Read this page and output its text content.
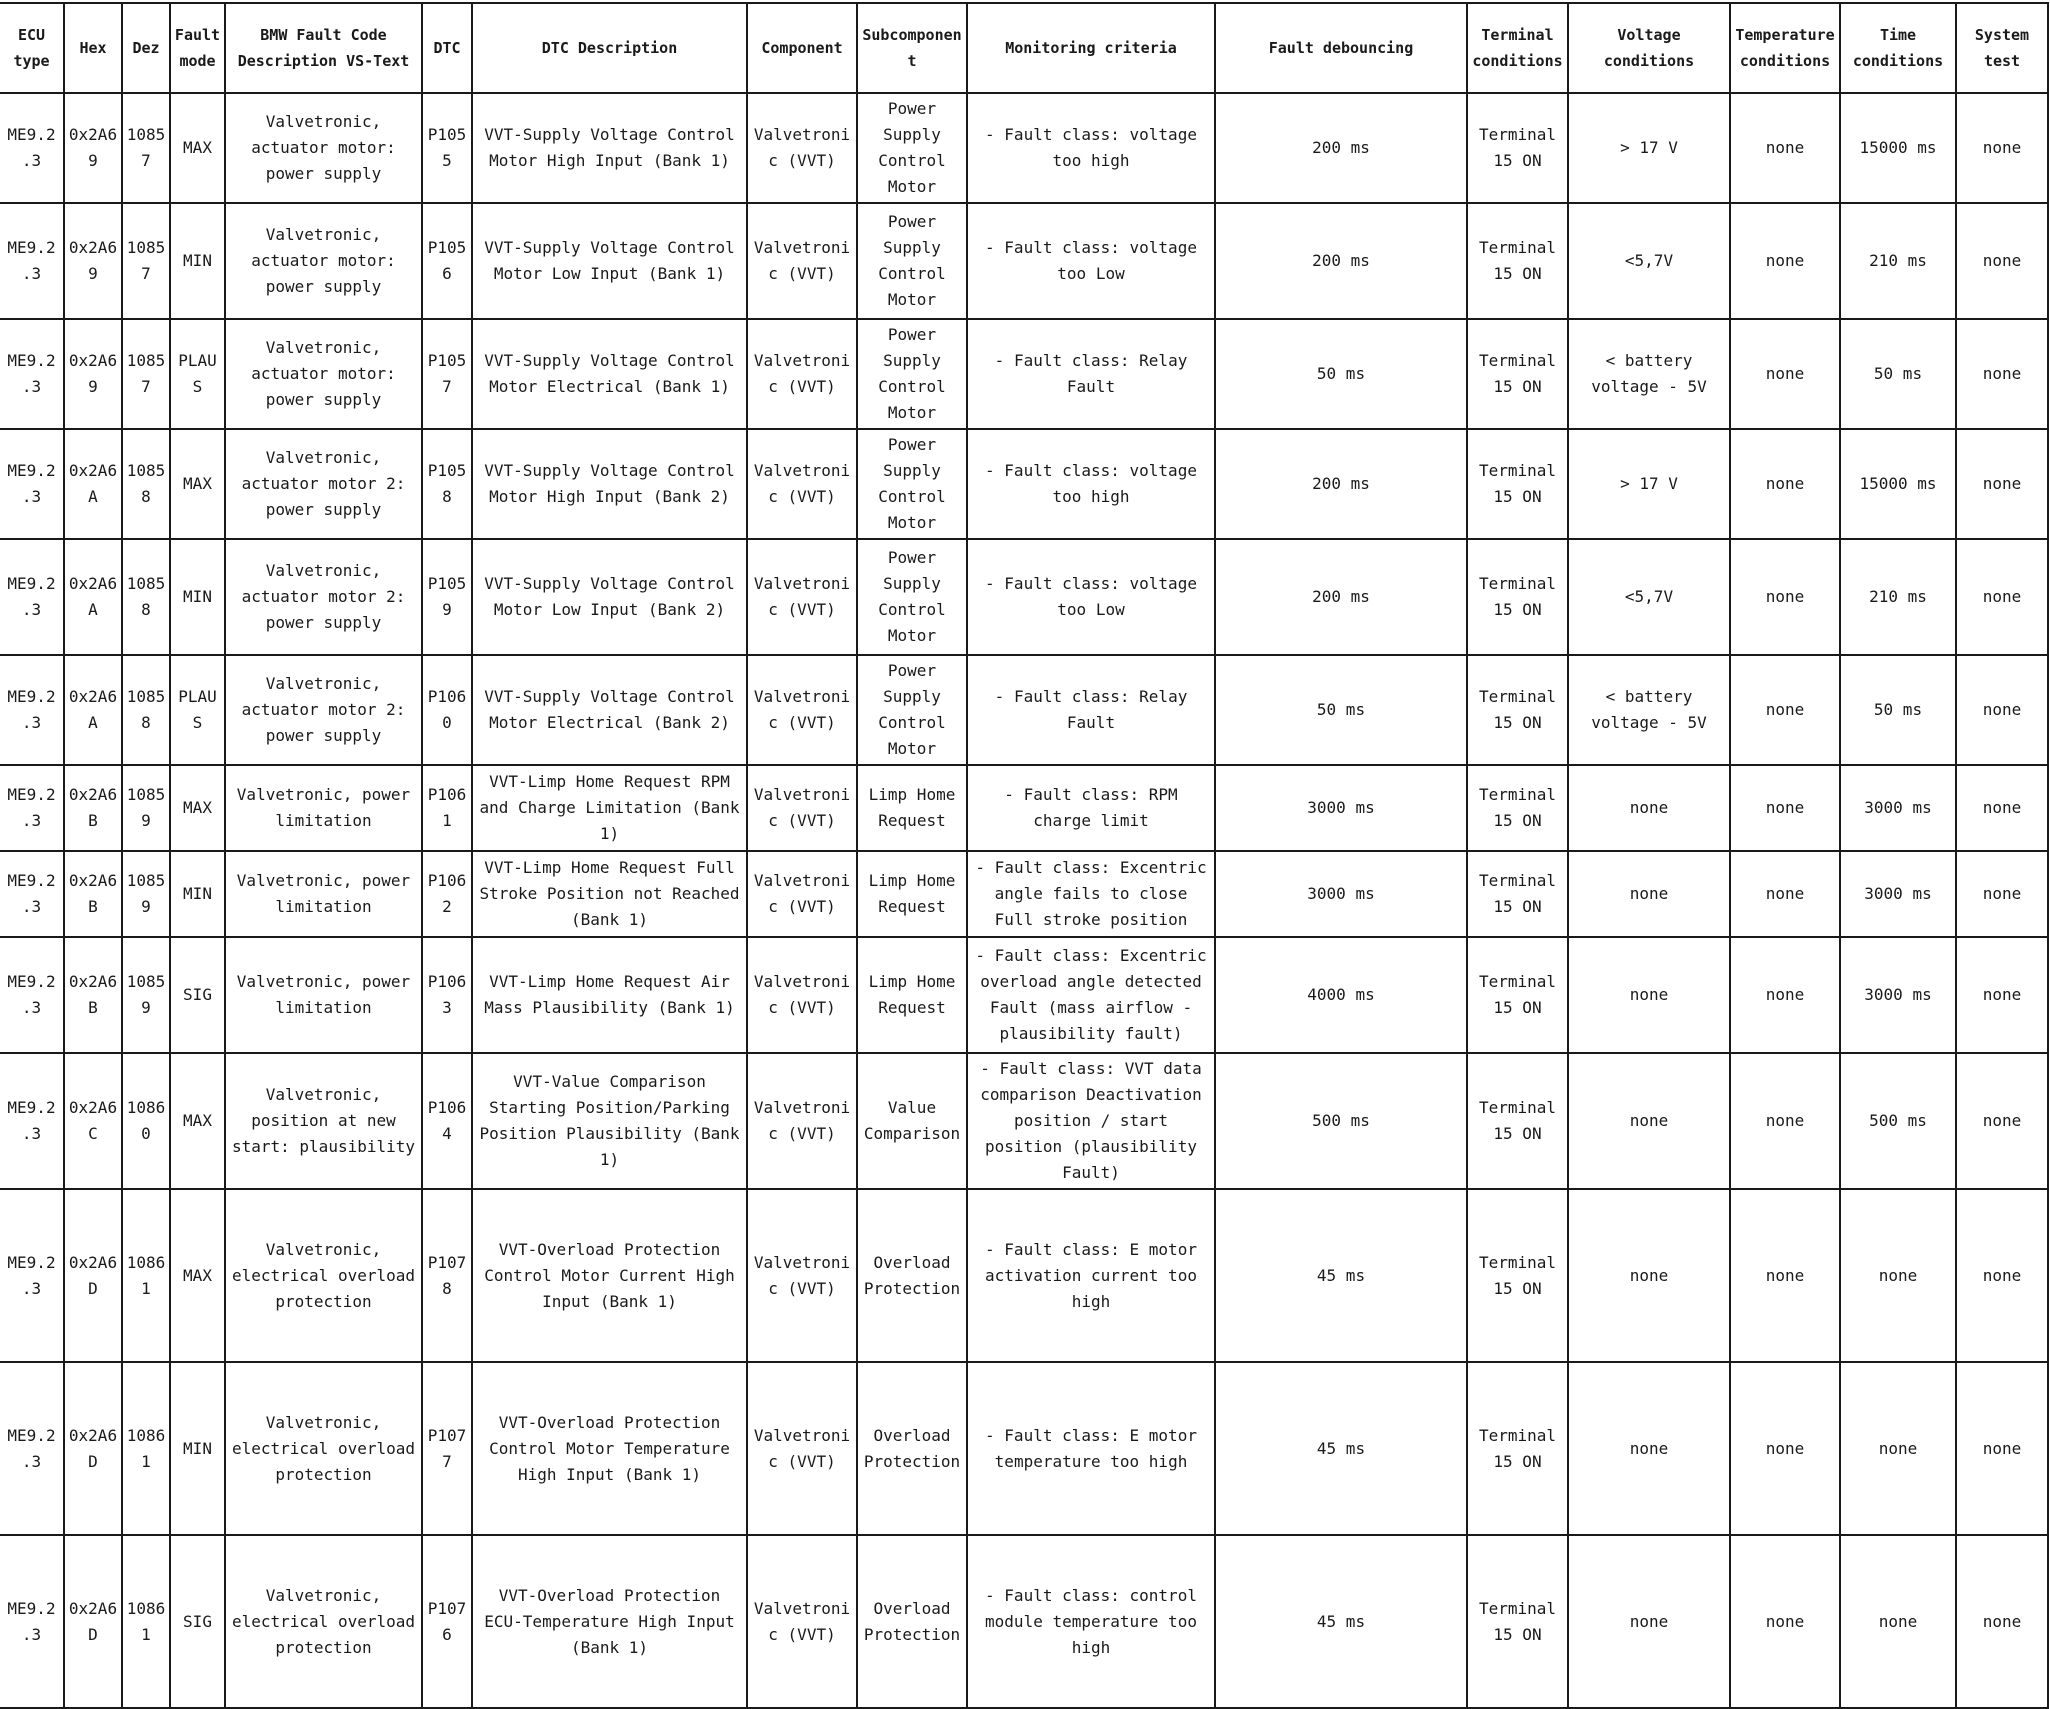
ECU type	Hex	Dez	Fault mode	BMW Fault Code Description VS-Text	DTC	DTC Description	Component	Subcomponent	Monitoring criteria	Fault debouncing	Terminal conditions	Voltage conditions	Temperature conditions	Time conditions	System test
ME9.2.3	0x2A69	10857	MAX	Valvetronic, actuator motor: power supply	P1055	VVT-Supply Voltage Control Motor High Input (Bank 1)	Valvetronic (VVT)	Power Supply Control Motor	- Fault class: voltage too high	200 ms	Terminal 15 ON	> 17 V	none	15000 ms	none
ME9.2.3	0x2A69	10857	MIN	Valvetronic, actuator motor: power supply	P1056	VVT-Supply Voltage Control Motor Low Input (Bank 1)	Valvetronic (VVT)	Power Supply Control Motor	- Fault class: voltage too Low	200 ms	Terminal 15 ON	<5,7V	none	210 ms	none
ME9.2.3	0x2A69	10857	PLAUS	Valvetronic, actuator motor: power supply	P1057	VVT-Supply Voltage Control Motor Electrical (Bank 1)	Valvetronic (VVT)	Power Supply Control Motor	- Fault class: Relay Fault	50 ms	Terminal 15 ON	< battery voltage - 5V	none	50 ms	none
ME9.2.3	0x2A6A	10858	MAX	Valvetronic, actuator motor 2: power supply	P1058	VVT-Supply Voltage Control Motor High Input (Bank 2)	Valvetronic (VVT)	Power Supply Control Motor	- Fault class: voltage too high	200 ms	Terminal 15 ON	> 17 V	none	15000 ms	none
ME9.2.3	0x2A6A	10858	MIN	Valvetronic, actuator motor 2: power supply	P1059	VVT-Supply Voltage Control Motor Low Input (Bank 2)	Valvetronic (VVT)	Power Supply Control Motor	- Fault class: voltage too Low	200 ms	Terminal 15 ON	<5,7V	none	210 ms	none
ME9.2.3	0x2A6A	10858	PLAUS	Valvetronic, actuator motor 2: power supply	P1060	VVT-Supply Voltage Control Motor Electrical (Bank 2)	Valvetronic (VVT)	Power Supply Control Motor	- Fault class: Relay Fault	50 ms	Terminal 15 ON	< battery voltage - 5V	none	50 ms	none
ME9.2.3	0x2A6B	10859	MAX	Valvetronic, power limitation	P1061	VVT-Limp Home Request RPM and Charge Limitation (Bank 1)	Valvetronic (VVT)	Limp Home Request	- Fault class: RPM charge limit	3000 ms	Terminal 15 ON	none	none	3000 ms	none
ME9.2.3	0x2A6B	10859	MIN	Valvetronic, power limitation	P1062	VVT-Limp Home Request Full Stroke Position not Reached (Bank 1)	Valvetronic (VVT)	Limp Home Request	- Fault class: Excentric angle fails to close Full stroke position	3000 ms	Terminal 15 ON	none	none	3000 ms	none
ME9.2.3	0x2A6B	10859	SIG	Valvetronic, power limitation	P1063	VVT-Limp Home Request Air Mass Plausibility (Bank 1)	Valvetronic (VVT)	Limp Home Request	- Fault class: Excentric overload angle detected Fault (mass airflow -plausibility fault)	4000 ms	Terminal 15 ON	none	none	3000 ms	none
ME9.2.3	0x2A6C	10860	MAX	Valvetronic, position at new start: plausibility	P1064	VVT-Value Comparison Starting Position/Parking Position Plausibility (Bank 1)	Valvetronic (VVT)	Value Comparison	- Fault class: VVT data comparison Deactivation position / start position (plausibility Fault)	500 ms	Terminal 15 ON	none	none	500 ms	none
ME9.2.3	0x2A6D	10861	MAX	Valvetronic, electrical overload protection	P1078	VVT-Overload Protection Control Motor Current High Input (Bank 1)	Valvetronic (VVT)	Overload Protection	- Fault class: E motor activation current too high	45 ms	Terminal 15 ON	none	none	none	none
ME9.2.3	0x2A6D	10861	MIN	Valvetronic, electrical overload protection	P1077	VVT-Overload Protection Control Motor Temperature High Input (Bank 1)	Valvetronic (VVT)	Overload Protection	- Fault class: E motor temperature too high	45 ms	Terminal 15 ON	none	none	none	none
ME9.2.3	0x2A6D	10861	SIG	Valvetronic, electrical overload protection	P1076	VVT-Overload Protection ECU-Temperature High Input (Bank 1)	Valvetronic (VVT)	Overload Protection	- Fault class: control module temperature too high	45 ms	Terminal 15 ON	none	none	none	none
